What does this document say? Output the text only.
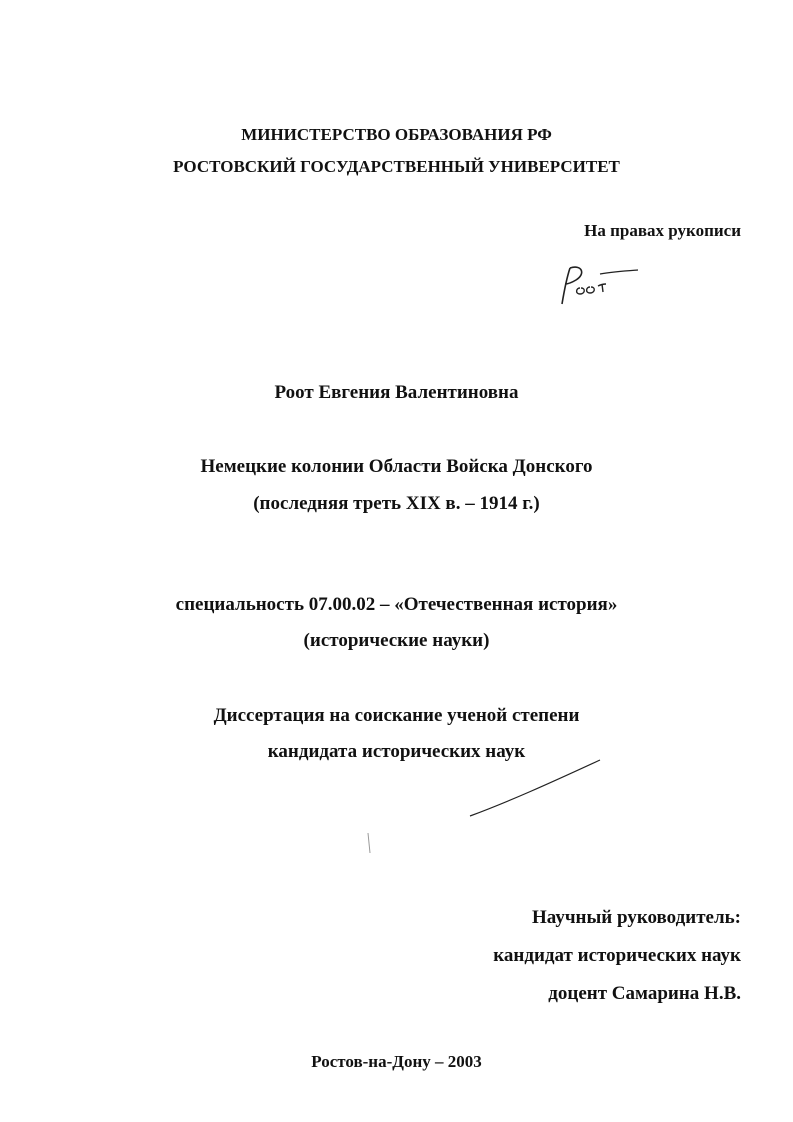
МИНИСТЕРСТВО ОБРАЗОВАНИЯ РФ
РОСТОВСКИЙ ГОСУДАРСТВЕННЫЙ УНИВЕРСИТЕТ
На правах рукописи
Роот Евгения Валентиновна
Немецкие колонии Области Войска Донского
(последняя треть XIX в. – 1914 г.)
специальность 07.00.02 – «Отечественная история»
(исторические науки)
Диссертация на соискание ученой степени
кандидата исторических наук
Научный руководитель:
кандидат исторических наук
доцент Самарина Н.В.
Ростов-на-Дону – 2003
